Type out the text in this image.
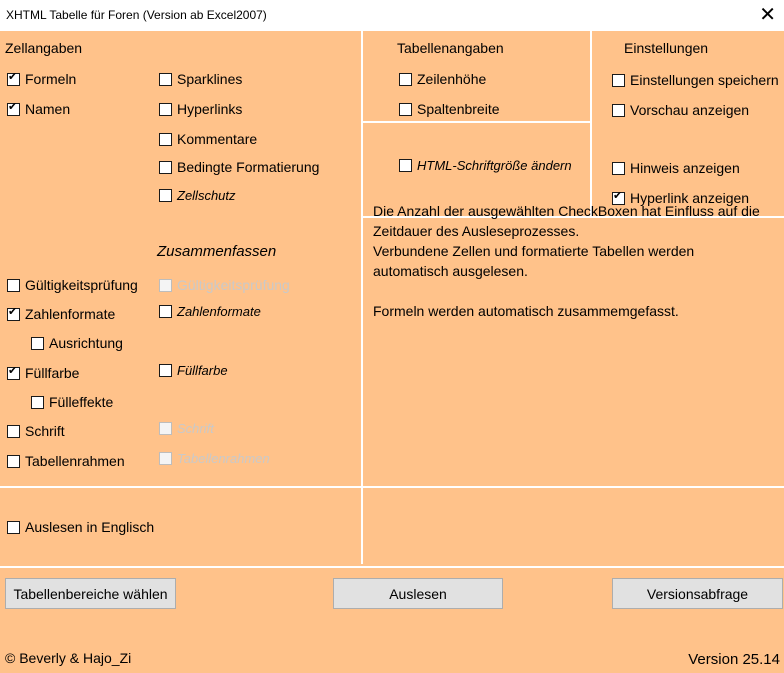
XHTML Tabelle für Foren (Version ab Excel2007)	✕
Zellangaben	Tabellenangaben	Einstellungen
Zusammenfassen
✔
Formeln
✔
Namen
Sparklines
Hyperlinks
Kommentare
Bedingte Formatierung
Zellschutz
Zeilenhöhe
Spaltenbreite
HTML-Schriftgröße ändern
Einstellungen speichern
Vorschau anzeigen
Hinweis anzeigen
✔
Hyperlink anzeigen
Gültigkeitsprüfung
✔
Zahlenformate
Ausrichtung
✔
Füllfarbe
Fülleffekte
Schrift
Tabellenrahmen
Gültigkeitsprüfung
Zahlenformate
Füllfarbe
Schrift
Tabellenrahmen
Auslesen in Englisch

Die Anzahl der ausgewählten CheckBoxen hat Einfluss auf die Zeitdauer des Ausleseprozesses.

Verbundene Zellen und formatierte Tabellen werden automatisch ausgelesen.

Formeln werden automatisch zusammemgefasst.

Tabellenbereiche wählen	Auslesen	Versionsabfrage
© Beverly & Hajo_Zi	Version 25.14
